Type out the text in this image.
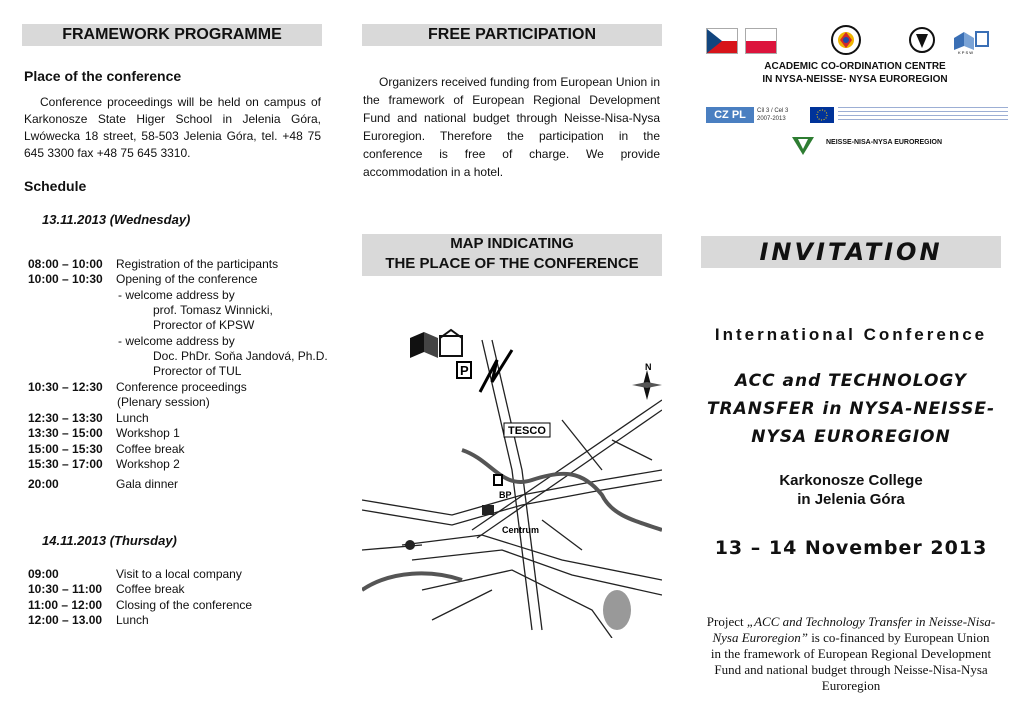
FRAMEWORK PROGRAMME
Place of the conference
Conference proceedings will be held on campus of Karkonosze State Higer School in Jelenia Góra, Lwówecka 18 street, 58-503 Jelenia Góra, tel. +48 75 645 3300 fax +48 75 645 3310.
Schedule
13.11.2013 (Wednesday)
08:00 – 10:00	Registration of the participants
10:00 – 10:30	Opening of the conference
- welcome address by
prof. Tomasz Winnicki,
Prorector of KPSW
- welcome address by
Doc. PhDr. Soňa Jandová, Ph.D.
Prorector of TUL
10:30 – 12:30	Conference proceedings
(Plenary session)
12:30 – 13:30	Lunch
13:30 – 15:00	Workshop 1
15:00 – 15:30	Coffee break
15:30 – 17:00	Workshop 2
20:00	Gala dinner
14.11.2013 (Thursday)
09:00	Visit to a local company
10:30 – 11:00	Coffee break
11:00 – 12:00	Closing of the conference
12:00 – 13.00	Lunch
FREE PARTICIPATION
Organizers received funding from European Union in the framework of European Regional Development Fund and national budget through Neisse-Nisa-Nysa Euroregion. Therefore the participation in the conference is free of charge. We provide accommodation in a hotel.
MAP INDICATING
THE PLACE OF THE CONFERENCE
TESCO
Centrum
BP
P	N
K P S W
ACADEMIC CO-ORDINATION CENTRE
IN NYSA-NEISSE- NYSA EUROREGION
CZ PL	Cíl 3 / Cel 3 2007-2013
NEISSE-NISA-NYSA EUROREGION
INVITATION
International Conference
ACC and TECHNOLOGY
TRANSFER in NYSA-NEISSE-
NYSA EUROREGION
Karkonosze College
in Jelenia Góra
13 – 14 November 2013
Project „ACC and Technology Transfer in Neisse-Nisa-Nysa Euroregion” is co-financed by European Union in the framework of European Regional Development Fund and national budget through Neisse-Nisa-Nysa Euroregion
